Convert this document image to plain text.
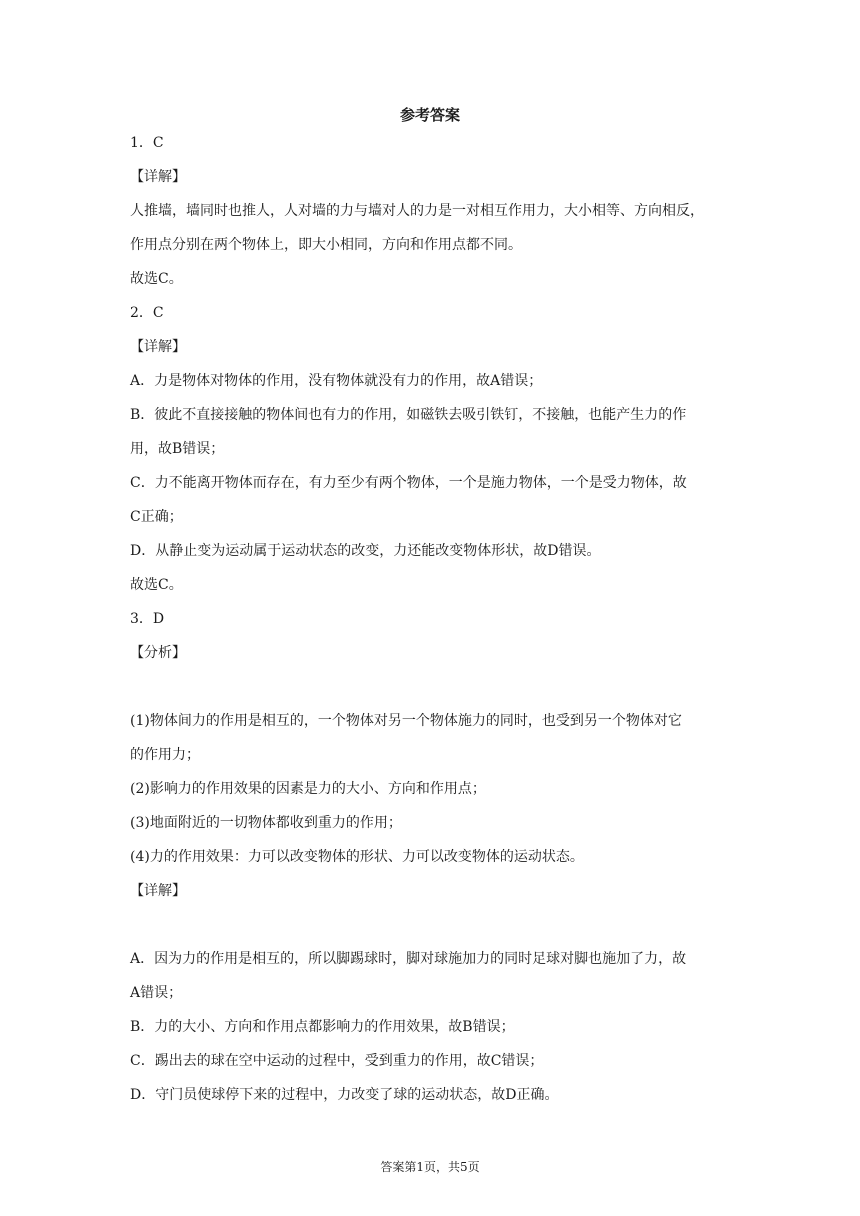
参考答案
1．C
【详解】
人推墙，墙同时也推人，人对墙的力与墙对人的力是一对相互作用力，大小相等、方向相反，
作用点分别在两个物体上，即大小相同，方向和作用点都不同。
故选C。
2．C
【详解】
A．力是物体对物体的作用，没有物体就没有力的作用，故A错误；
B．彼此不直接接触的物体间也有力的作用，如磁铁去吸引铁钉，不接触，也能产生力的作
用，故B错误；
C．力不能离开物体而存在，有力至少有两个物体，一个是施力物体，一个是受力物体，故
C正确；
D．从静止变为运动属于运动状态的改变，力还能改变物体形状，故D错误。
故选C。
3．D
【分析】
(1)物体间力的作用是相互的，一个物体对另一个物体施力的同时，也受到另一个物体对它
的作用力；
(2)影响力的作用效果的因素是力的大小、方向和作用点；
(3)地面附近的一切物体都收到重力的作用；
(4)力的作用效果：力可以改变物体的形状、力可以改变物体的运动状态。
【详解】
A．因为力的作用是相互的，所以脚踢球时，脚对球施加力的同时足球对脚也施加了力，故
A错误；
B．力的大小、方向和作用点都影响力的作用效果，故B错误；
C．踢出去的球在空中运动的过程中，受到重力的作用，故C错误；
D．守门员使球停下来的过程中，力改变了球的运动状态，故D正确。
答案第1页，共5页
